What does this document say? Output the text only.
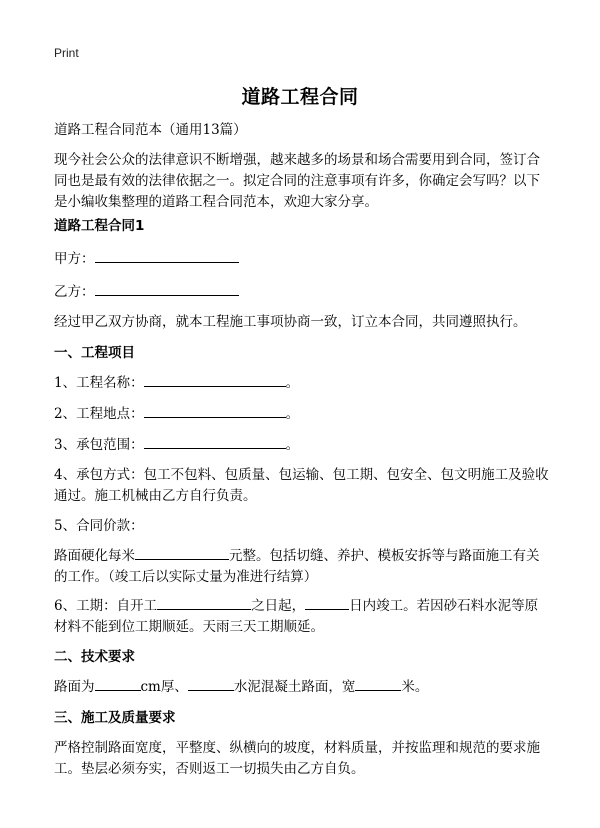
Print
道路工程合同
道路工程合同范本（通用13篇）
现今社会公众的法律意识不断增强，越来越多的场景和场合需要用到合同，签订合同也是最有效的法律依据之一。拟定合同的注意事项有许多，你确定会写吗？以下是小编收集整理的道路工程合同范本，欢迎大家分享。
道路工程合同1
甲方：
乙方：
经过甲乙双方协商，就本工程施工事项协商一致，订立本合同，共同遵照执行。
一、工程项目
1、工程名称：	。
2、工程地点：	。
3、承包范围：	。
4、承包方式：包工不包料、包质量、包运输、包工期、包安全、包文明施工及验收通过。施工机械由乙方自行负责。
5、合同价款：
路面硬化每米	元整。包括切缝、养护、模板安拆等与路面施工有关的工作。（竣工后以实际丈量为准进行结算）
6、工期：自开工	之日起，	日内竣工。若因砂石料水泥等原材料不能到位工期顺延。天雨三天工期顺延。
二、技术要求
路面为	cm厚、	水泥混凝土路面，宽	米。
三、施工及质量要求
严格控制路面宽度，平整度、纵横向的坡度，材料质量，并按监理和规范的要求施工。垫层必须夯实，否则返工一切损失由乙方自负。
